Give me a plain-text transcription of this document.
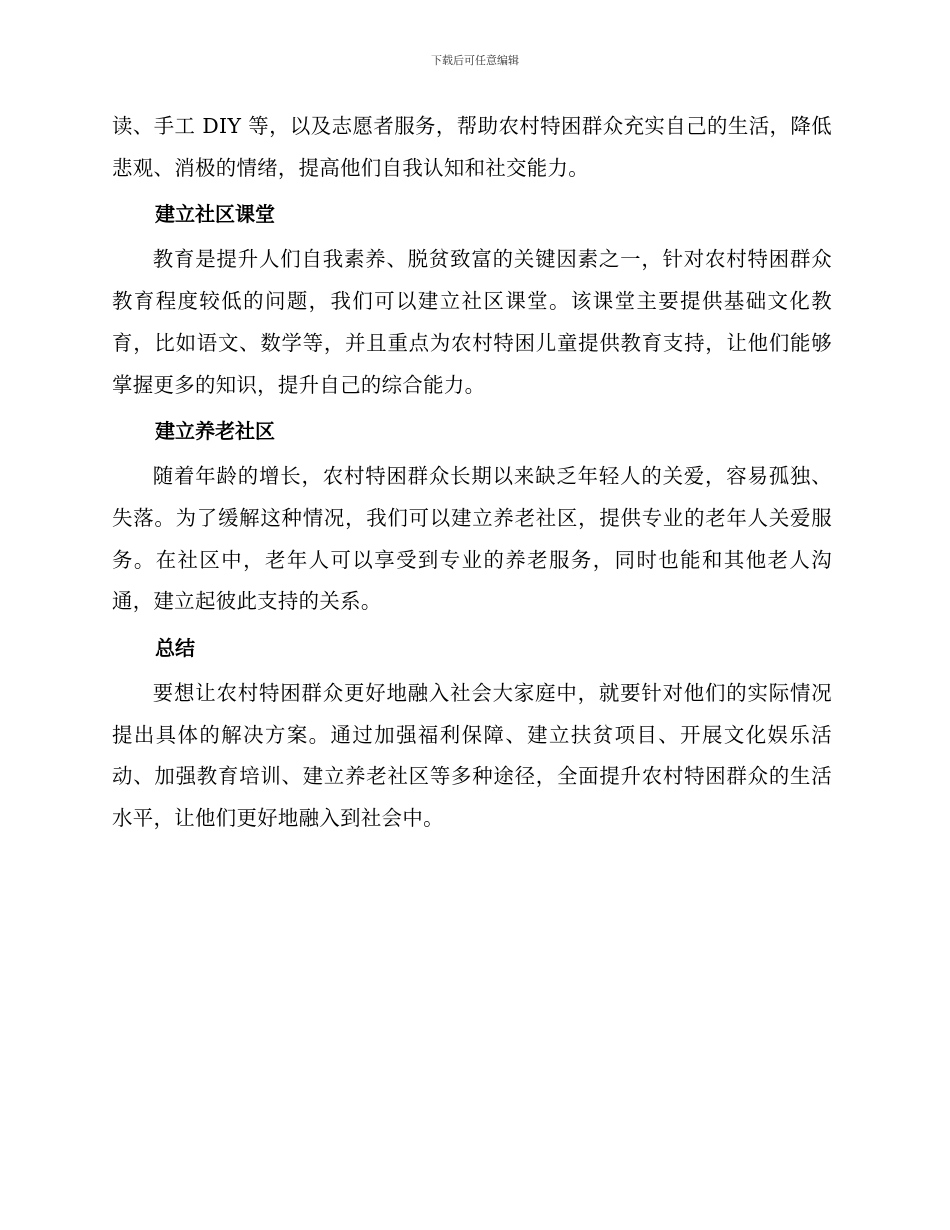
下载后可任意编辑

读、手工 DIY 等，以及志愿者服务，帮助农村特困群众充实自己的生活，降低悲观、消极的情绪，提高他们自我认知和社交能力。

建立社区课堂

教育是提升人们自我素养、脱贫致富的关键因素之一，针对农村特困群众教育程度较低的问题，我们可以建立社区课堂。该课堂主要提供基础文化教育，比如语文、数学等，并且重点为农村特困儿童提供教育支持，让他们能够掌握更多的知识，提升自己的综合能力。

建立养老社区

随着年龄的增长，农村特困群众长期以来缺乏年轻人的关爱，容易孤独、失落。为了缓解这种情况，我们可以建立养老社区，提供专业的老年人关爱服务。在社区中，老年人可以享受到专业的养老服务，同时也能和其他老人沟通，建立起彼此支持的关系。

总结

要想让农村特困群众更好地融入社会大家庭中，就要针对他们的实际情况提出具体的解决方案。通过加强福利保障、建立扶贫项目、开展文化娱乐活动、加强教育培训、建立养老社区等多种途径，全面提升农村特困群众的生活水平，让他们更好地融入到社会中。
